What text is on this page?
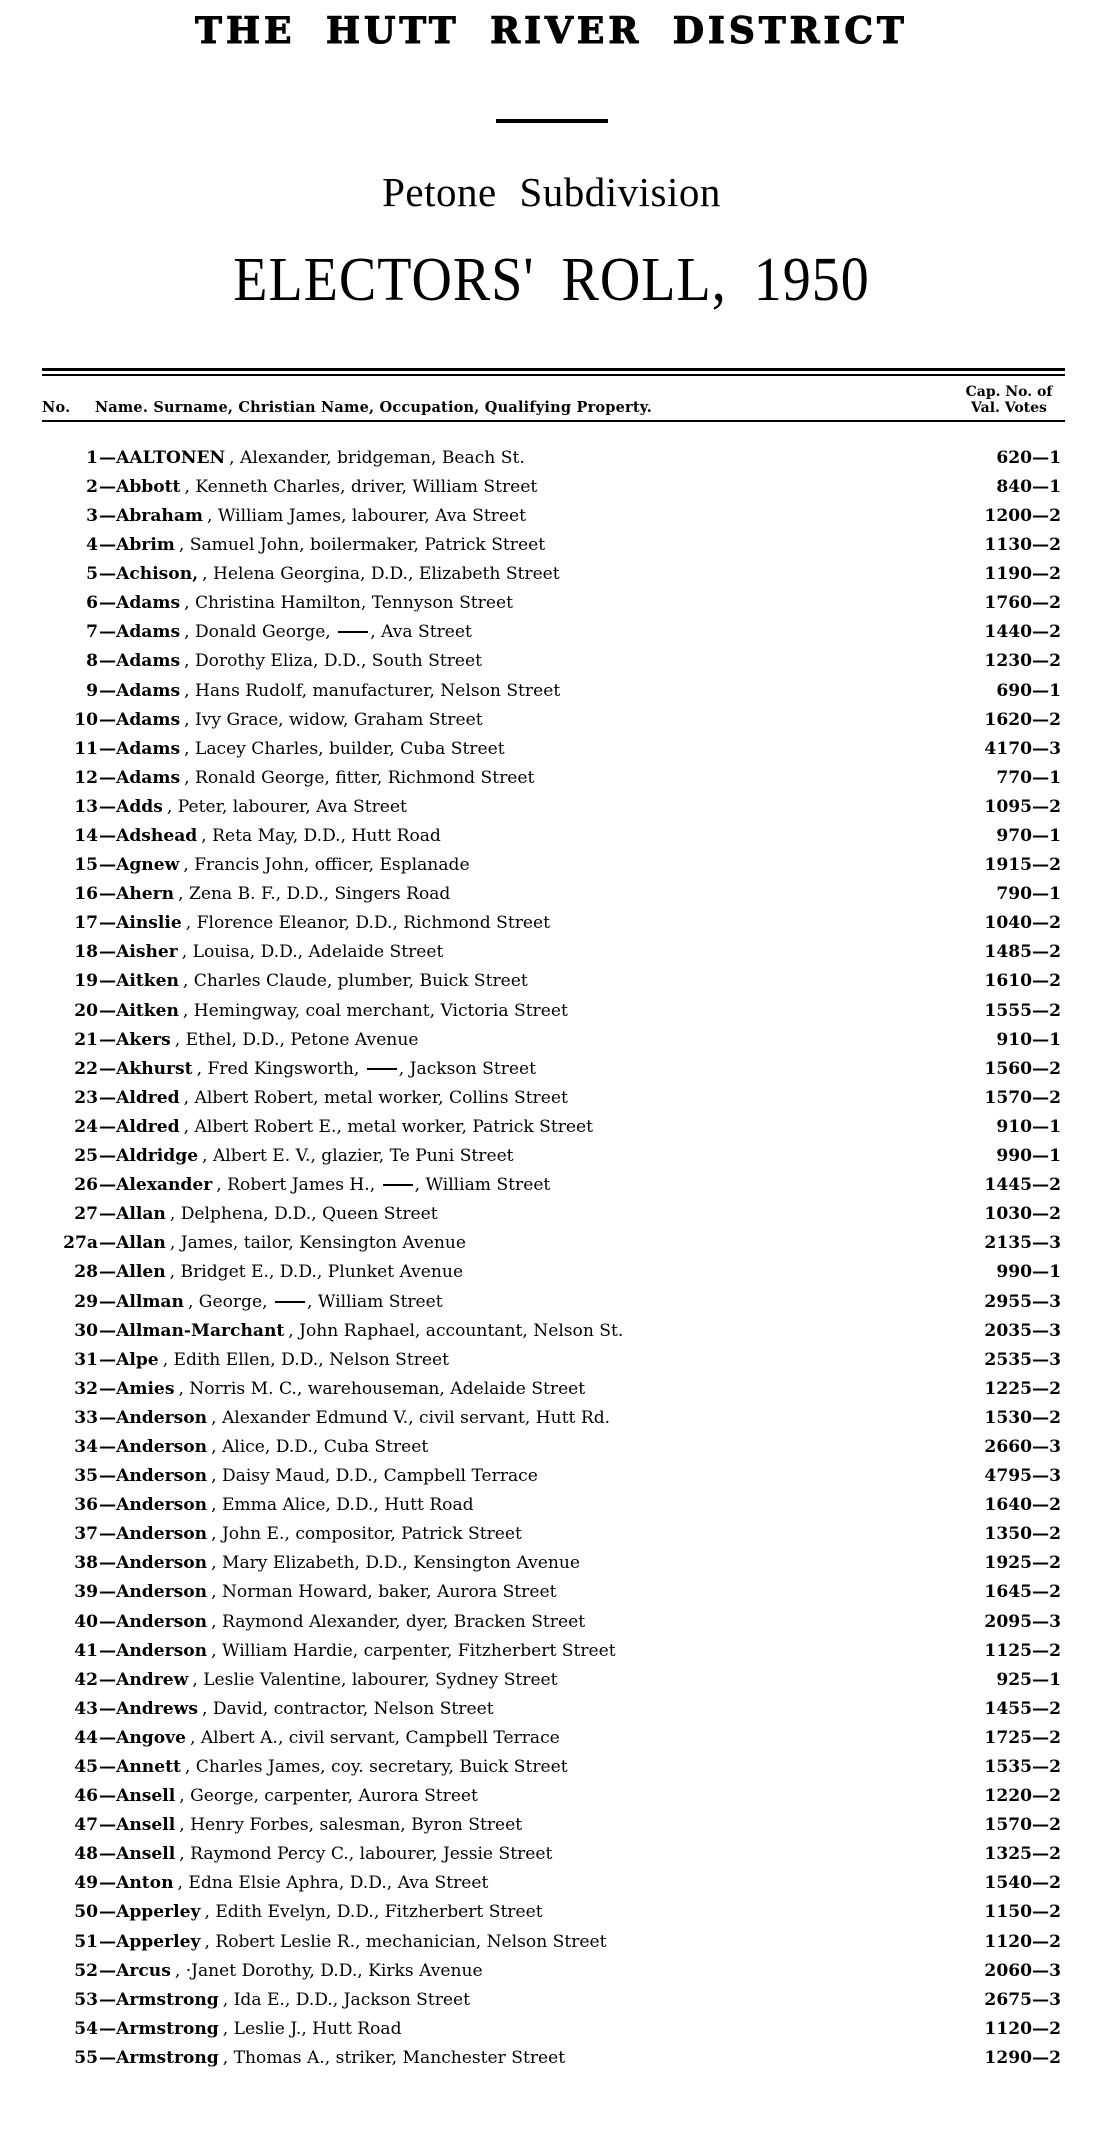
THE HUTT RIVER DISTRICT
Petone Subdivision
ELECTORS' ROLL, 1950
No. Name. Surname, Christian Name, Occupation, Qualifying Property.
Cap. No. of
Val. Votes
1 — AALTONEN , Alexander, bridgeman, Beach St.	620—1
2 — Abbott , Kenneth Charles, driver, William Street	840—1
3 — Abraham , William James, labourer, Ava Street	1200—2
4 — Abrim , Samuel John, boilermaker, Patrick Street	1130—2
5 — Achison, , Helena Georgina, D.D., Elizabeth Street	1190—2
6 — Adams , Christina Hamilton, Tennyson Street	1760—2
7 — Adams , Donald George, , Ava Street	1440—2
8 — Adams , Dorothy Eliza, D.D., South Street	1230—2
9 — Adams , Hans Rudolf, manufacturer, Nelson Street	690—1
10 — Adams , Ivy Grace, widow, Graham Street	1620—2
11 — Adams , Lacey Charles, builder, Cuba Street	4170—3
12 — Adams , Ronald George, fitter, Richmond Street	770—1
13 — Adds , Peter, labourer, Ava Street	1095—2
14 — Adshead , Reta May, D.D., Hutt Road	970—1
15 — Agnew , Francis John, officer, Esplanade	1915—2
16 — Ahern , Zena B. F., D.D., Singers Road	790—1
17 — Ainslie , Florence Eleanor, D.D., Richmond Street	1040—2
18 — Aisher , Louisa, D.D., Adelaide Street	1485—2
19 — Aitken , Charles Claude, plumber, Buick Street	1610—2
20 — Aitken , Hemingway, coal merchant, Victoria Street	1555—2
21 — Akers , Ethel, D.D., Petone Avenue	910—1
22 — Akhurst , Fred Kingsworth, , Jackson Street	1560—2
23 — Aldred , Albert Robert, metal worker, Collins Street	1570—2
24 — Aldred , Albert Robert E., metal worker, Patrick Street	910—1
25 — Aldridge , Albert E. V., glazier, Te Puni Street	990—1
26 — Alexander , Robert James H., , William Street	1445—2
27 — Allan , Delphena, D.D., Queen Street	1030—2
27a — Allan , James, tailor, Kensington Avenue	2135—3
28 — Allen , Bridget E., D.D., Plunket Avenue	990—1
29 — Allman , George, , William Street	2955—3
30 — Allman-Marchant , John Raphael, accountant, Nelson St.	2035—3
31 — Alpe , Edith Ellen, D.D., Nelson Street	2535—3
32 — Amies , Norris M. C., warehouseman, Adelaide Street	1225—2
33 — Anderson , Alexander Edmund V., civil servant, Hutt Rd.	1530—2
34 — Anderson , Alice, D.D., Cuba Street	2660—3
35 — Anderson , Daisy Maud, D.D., Campbell Terrace	4795—3
36 — Anderson , Emma Alice, D.D., Hutt Road	1640—2
37 — Anderson , John E., compositor, Patrick Street	1350—2
38 — Anderson , Mary Elizabeth, D.D., Kensington Avenue	1925—2
39 — Anderson , Norman Howard, baker, Aurora Street	1645—2
40 — Anderson , Raymond Alexander, dyer, Bracken Street	2095—3
41 — Anderson , William Hardie, carpenter, Fitzherbert Street	1125—2
42 — Andrew , Leslie Valentine, labourer, Sydney Street	925—1
43 — Andrews , David, contractor, Nelson Street	1455—2
44 — Angove , Albert A., civil servant, Campbell Terrace	1725—2
45 — Annett , Charles James, coy. secretary, Buick Street	1535—2
46 — Ansell , George, carpenter, Aurora Street	1220—2
47 — Ansell , Henry Forbes, salesman, Byron Street	1570—2
48 — Ansell , Raymond Percy C., labourer, Jessie Street	1325—2
49 — Anton , Edna Elsie Aphra, D.D., Ava Street	1540—2
50 — Apperley , Edith Evelyn, D.D., Fitzherbert Street	1150—2
51 — Apperley , Robert Leslie R., mechanician, Nelson Street	1120—2
52 — Arcus , ·Janet Dorothy, D.D., Kirks Avenue	2060—3
53 — Armstrong , Ida E., D.D., Jackson Street	2675—3
54 — Armstrong , Leslie J., Hutt Road	1120—2
55 — Armstrong , Thomas A., striker, Manchester Street	1290—2
